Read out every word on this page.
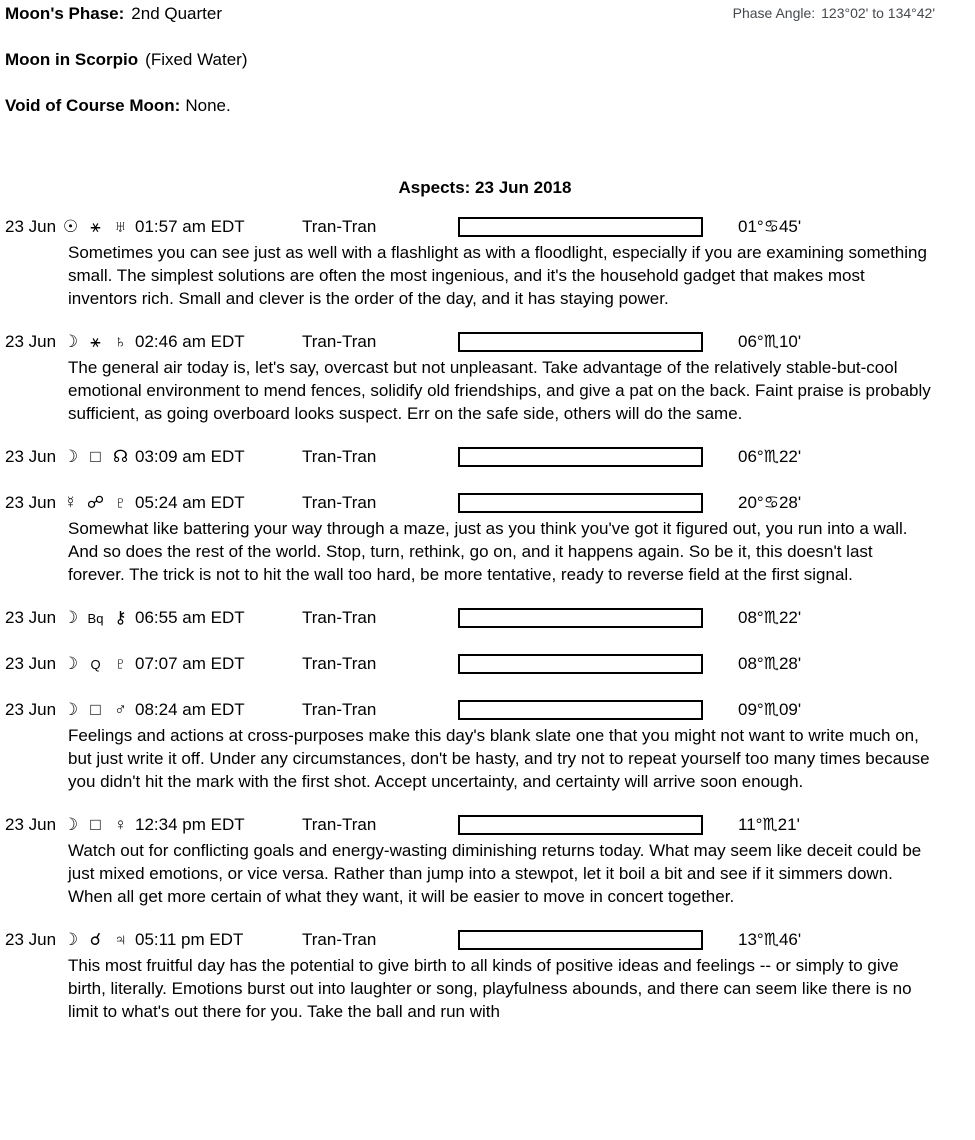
Moon's Phase: 2nd Quarter	Phase Angle: 123°02' to 134°42'
Moon in Scorpio (Fixed Water)
Void of Course Moon: None.
Aspects: 23 Jun 2018
23 Jun ☉ ⚹ ♅ 01:57 am EDT	Tran-Tran	01°♋45'
Sometimes you can see just as well with a flashlight as with a floodlight, especially if you are examining something small. The simplest solutions are often the most ingenious, and it's the household gadget that makes most inventors rich. Small and clever is the order of the day, and it has staying power.
23 Jun ☽ ⚹ ♄ 02:46 am EDT	Tran-Tran	06°♏10'
The general air today is, let's say, overcast but not unpleasant. Take advantage of the relatively stable-but-cool emotional environment to mend fences, solidify old friendships, and give a pat on the back. Faint praise is probably sufficient, as going overboard looks suspect. Err on the safe side, others will do the same.
23 Jun ☽ □ ☊ 03:09 am EDT	Tran-Tran	06°♏22'
23 Jun ☿ ☍ ♇ 05:24 am EDT	Tran-Tran	20°♋28'
Somewhat like battering your way through a maze, just as you think you've got it figured out, you run into a wall. And so does the rest of the world. Stop, turn, rethink, go on, and it happens again. So be it, this doesn't last forever. The trick is not to hit the wall too hard, be more tentative, ready to reverse field at the first signal.
23 Jun ☽ Bq ⚷ 06:55 am EDT	Tran-Tran	08°♏22'
23 Jun ☽ Q ♇ 07:07 am EDT	Tran-Tran	08°♏28'
23 Jun ☽ □ ♂ 08:24 am EDT	Tran-Tran	09°♏09'
Feelings and actions at cross-purposes make this day's blank slate one that you might not want to write much on, but just write it off. Under any circumstances, don't be hasty, and try not to repeat yourself too many times because you didn't hit the mark with the first shot. Accept uncertainty, and certainty will arrive soon enough.
23 Jun ☽ □ ♀ 12:34 pm EDT	Tran-Tran	11°♏21'
Watch out for conflicting goals and energy-wasting diminishing returns today. What may seem like deceit could be just mixed emotions, or vice versa. Rather than jump into a stewpot, let it boil a bit and see if it simmers down. When all get more certain of what they want, it will be easier to move in concert together.
23 Jun ☽ ☌ ♃ 05:11 pm EDT	Tran-Tran	13°♏46'
This most fruitful day has the potential to give birth to all kinds of positive ideas and feelings -- or simply to give birth, literally. Emotions burst out into laughter or song, playfulness abounds, and there can seem like there is no limit to what's out there for you. Take the ball and run with
